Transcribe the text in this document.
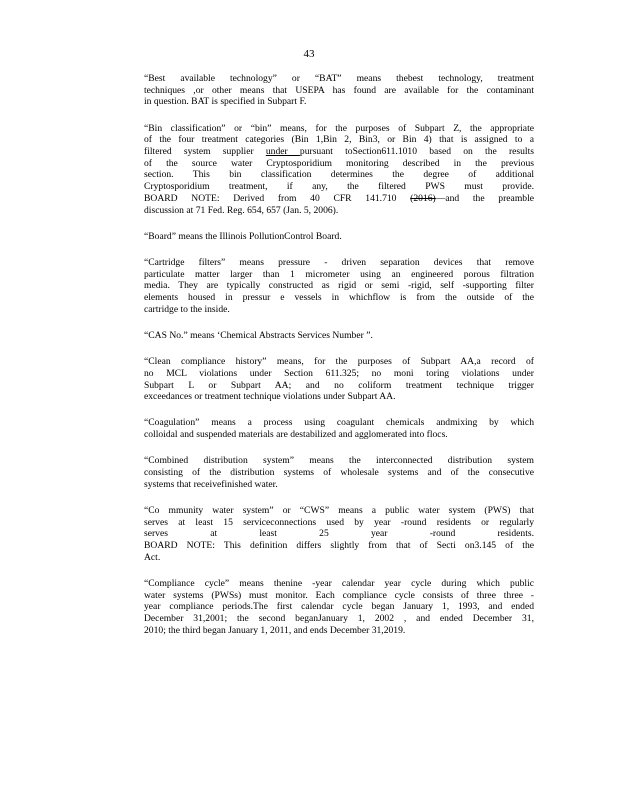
43
“Best available technology” or “BAT” means thebest technology, treatment
techniques ,or other means that USEPA has found are available for the contaminant
in question. BAT is specified in Subpart F.
“Bin classification” or “bin” means, for the purposes of Subpart Z, the appropriate
of the four treatment categories (Bin 1,Bin 2, Bin3, or Bin 4) that is assigned to a
filtered system supplier under pursuant toSection611.1010 based on the results
of the source water Cryptosporidium monitoring described in the previous
section. This bin classification determines the degree of additional
Cryptosporidium treatment, if any, the filtered PWS must provide.
BOARD NOTE: Derived from 40 CFR 141.710 (2016)—and the preamble
discussion at 71 Fed. Reg. 654, 657 (Jan. 5, 2006).
“Board” means the Illinois PollutionControl Board.
“Cartridge filters” means pressure - driven separation devices that remove
particulate matter larger than 1 micrometer using an engineered porous filtration
media. They are typically constructed as rigid or semi -rigid, self -supporting filter
elements housed in pressur e vessels in whichflow is from the outside of the
cartridge to the inside.
“CAS No.” means ‘Chemical Abstracts Services Number ”.
“Clean compliance history” means, for the purposes of Subpart AA,a record of
no MCL violations under Section 611.325; no moni toring violations under
Subpart L or Subpart AA; and no coliform treatment technique trigger
exceedances or treatment technique violations under Subpart AA.
“Coagulation” means a process using coagulant chemicals andmixing by which
colloidal and suspended materials are destabilized and agglomerated into flocs.
“Combined distribution system” means the interconnected distribution system
consisting of the distribution systems of wholesale systems and of the consecutive
systems that receivefinished water.
“Co mmunity water system” or “CWS” means a public water system (PWS) that
serves at least 15 serviceconnections used by year -round residents or regularly
serves at least 25 year -round residents.
BOARD NOTE: This definition differs slightly from that of Secti on3.145 of the
Act.
“Compliance cycle” means thenine -year calendar year cycle during which public
water systems (PWSs) must monitor. Each compliance cycle consists of three three -
year compliance periods.The first calendar cycle began January 1, 1993, and ended
December 31,2001; the second beganJanuary 1, 2002 , and ended December 31,
2010; the third began January 1, 2011, and ends December 31,2019.
